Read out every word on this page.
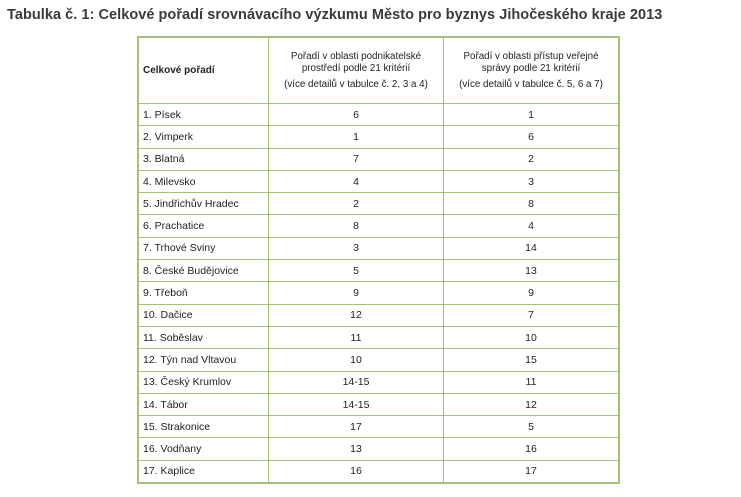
Tabulka č. 1: Celkové pořadí srovnávacího výzkumu Město pro byznys Jihočeského kraje 2013
Celkové pořadí	Pořadí v oblasti podnikatelské
prostředí podle 21 kritérií
(více detailů v tabulce č. 2, 3 a 4)	Pořadí v oblasti přístup veřejné
správy podle 21 kritérií
(více detailů v tabulce č. 5, 6 a 7)

1. Písek	6	1
2. Vimperk	1	6
3. Blatná	7	2
4. Milevsko	4	3
5. Jindřichův Hradec	2	8
6. Prachatice	8	4
7. Trhové Sviny	3	14
8. České Budějovice	5	13
9. Třeboň	9	9
10. Dačice	12	7
11. Soběslav	11	10
12. Týn nad Vltavou	10	15
13. Český Krumlov	14-15	11
14. Tábor	14-15	12
15. Strakonice	17	5
16. Vodňany	13	16
17. Kaplice	16	17
